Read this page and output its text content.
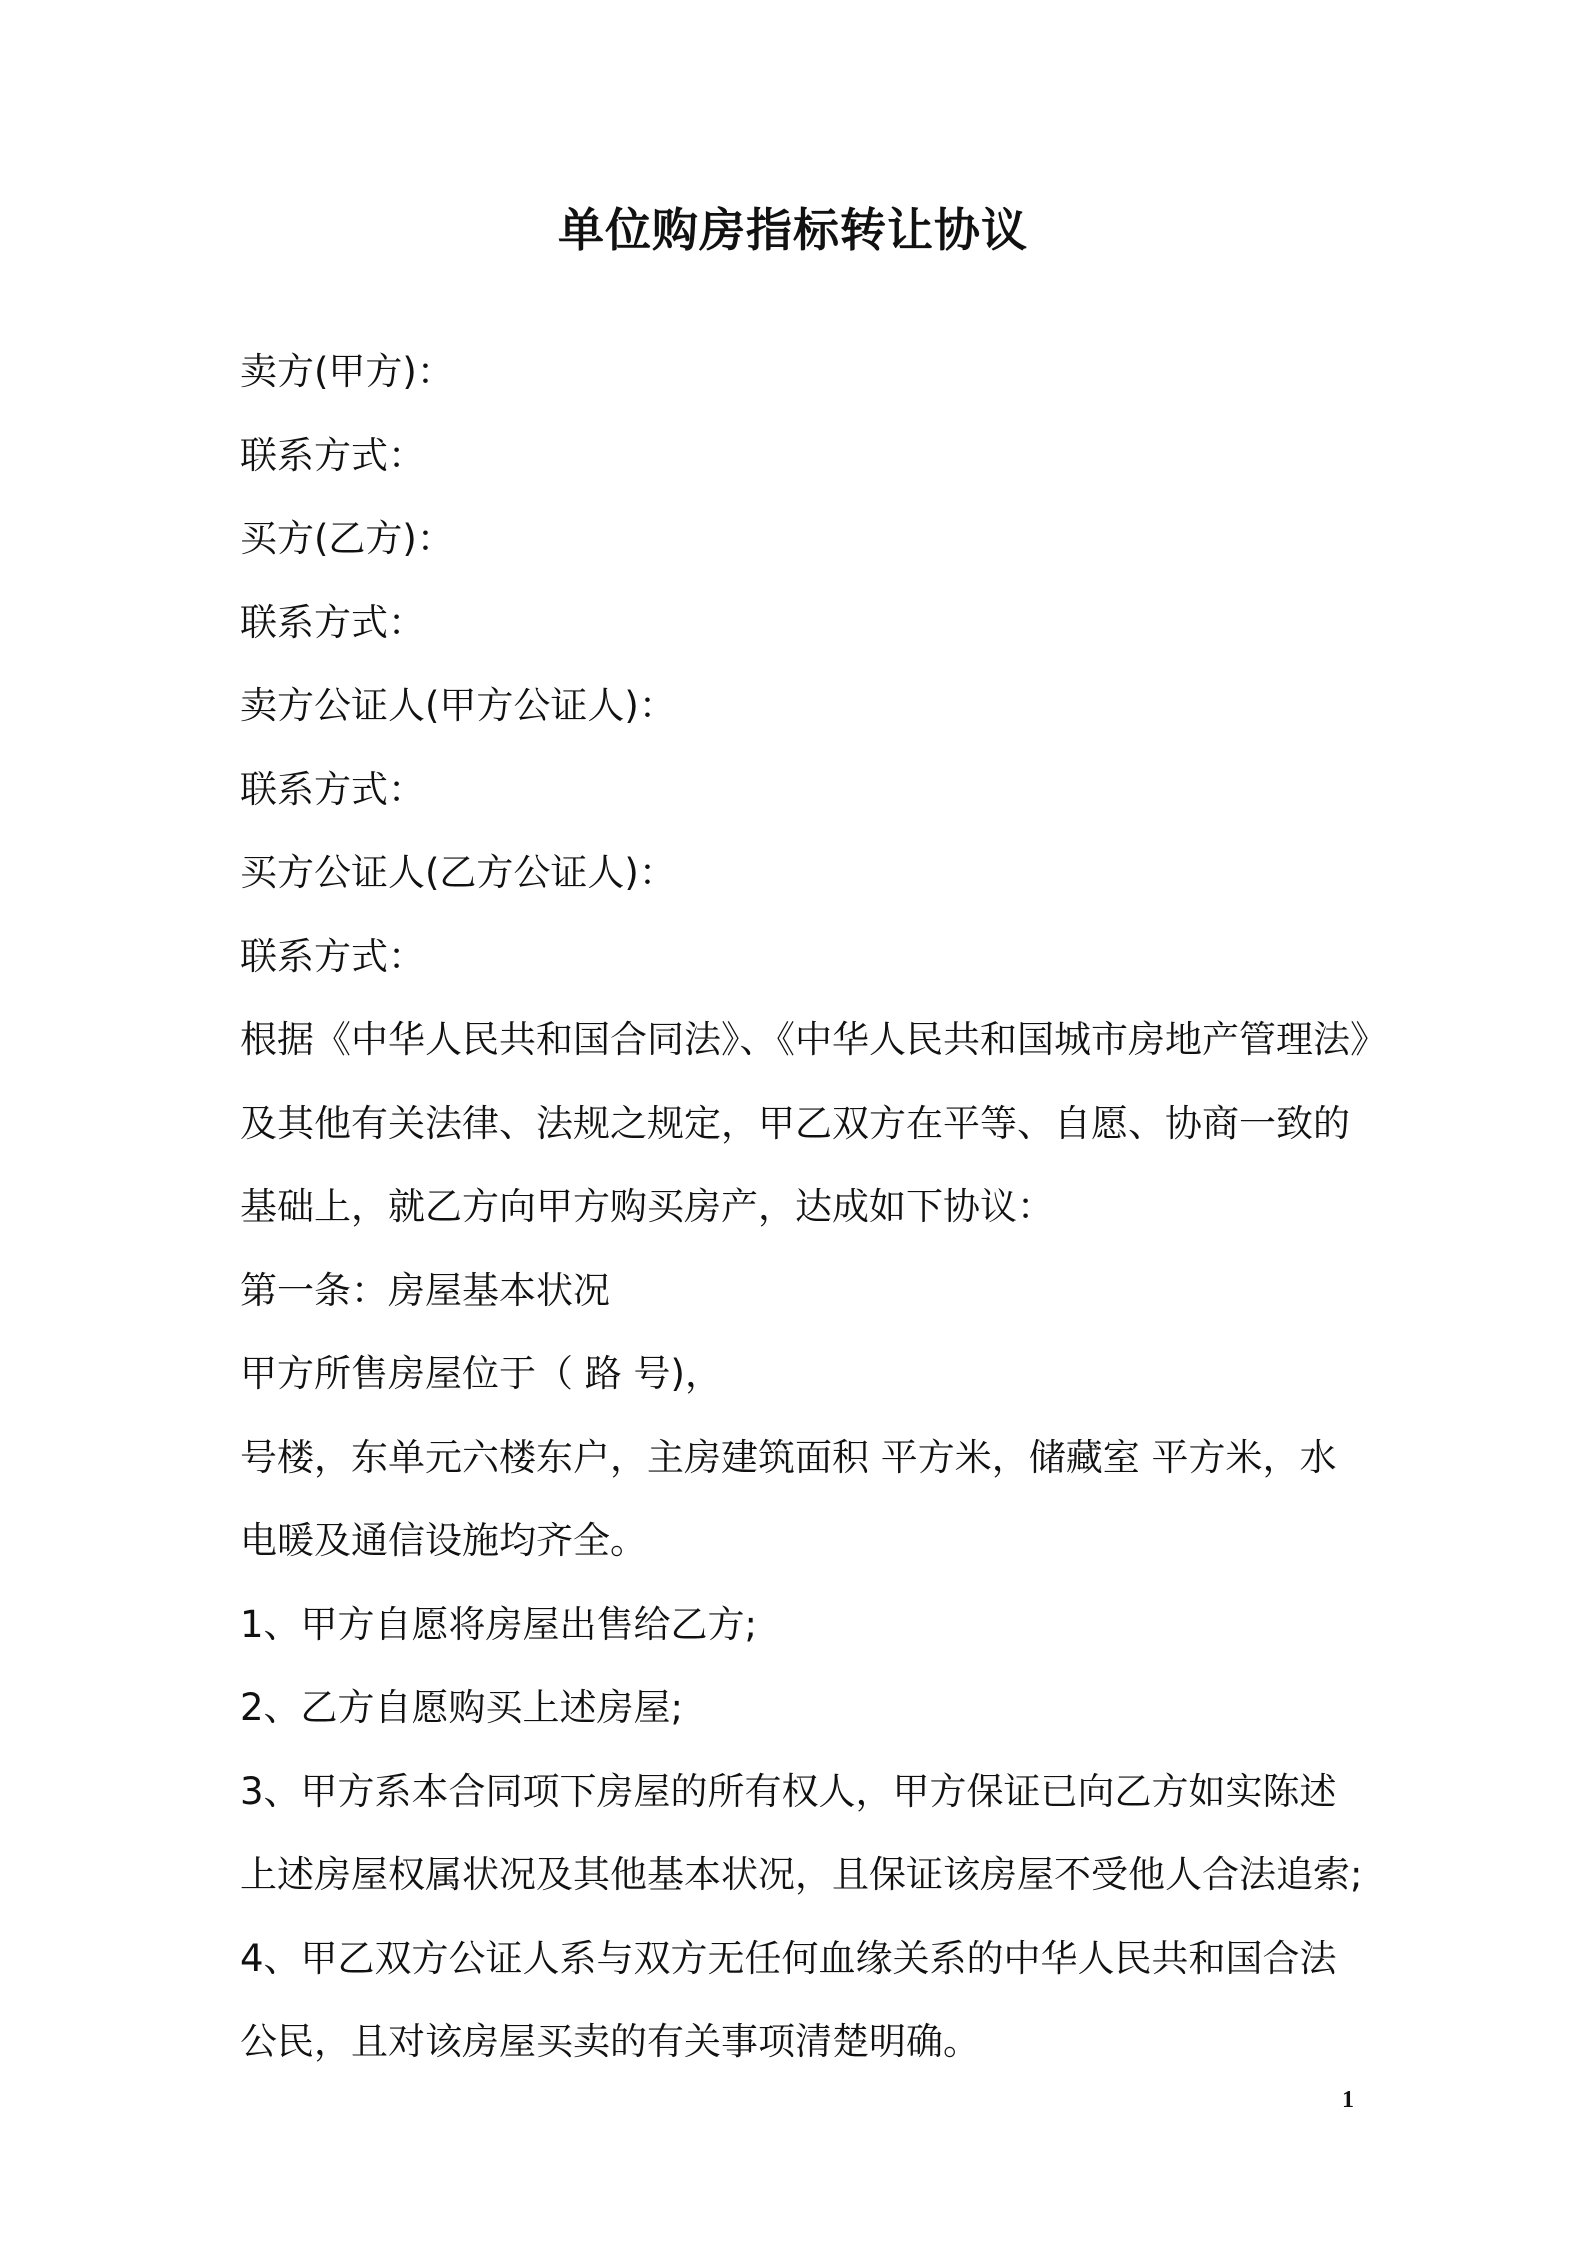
单位购房指标转让协议
卖方(甲方)：
联系方式：
买方(乙方)：
联系方式：
卖方公证人(甲方公证人)：
联系方式：
买方公证人(乙方公证人)：
联系方式：
根据《中华人民共和国合同法》、《中华人民共和国城市房地产管理法》
及其他有关法律、法规之规定，甲乙双方在平等、自愿、协商一致的
基础上，就乙方向甲方购买房产，达成如下协议：
第一条：房屋基本状况
甲方所售房屋位于（ 路 号)，
号楼，东单元六楼东户，主房建筑面积 平方米，储藏室 平方米，水
电暖及通信设施均齐全。
1、甲方自愿将房屋出售给乙方;
2、乙方自愿购买上述房屋;
3、甲方系本合同项下房屋的所有权人，甲方保证已向乙方如实陈述
上述房屋权属状况及其他基本状况，且保证该房屋不受他人合法追索;
4、甲乙双方公证人系与双方无任何血缘关系的中华人民共和国合法
公民，且对该房屋买卖的有关事项清楚明确。
1
